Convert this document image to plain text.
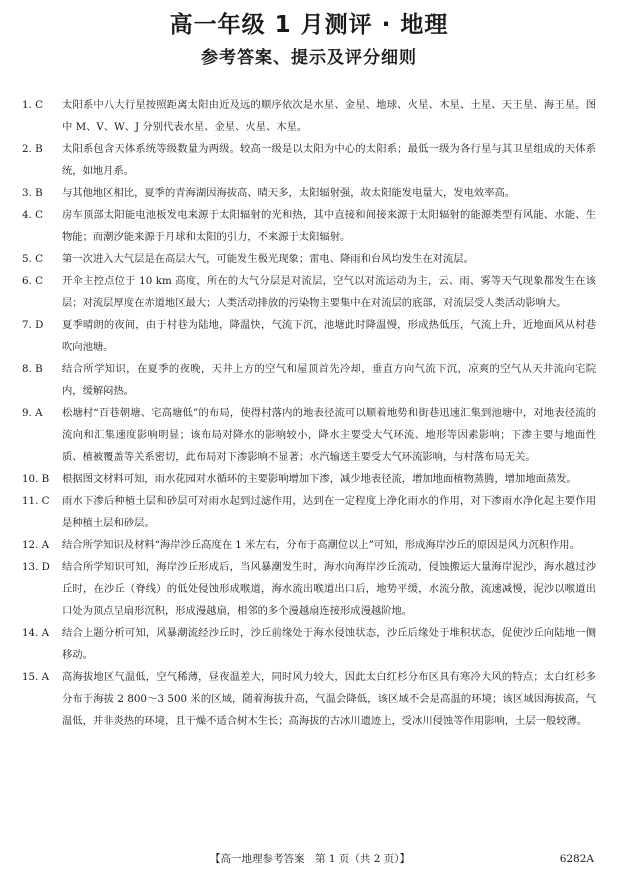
高一年级 1 月测评 · 地理
参考答案、提示及评分细则
1. C 太阳系中八大行星按照距离太阳由近及远的顺序依次是水星、金星、地球、火星、木星、土星、天王星、海王星。图中 M、V、W、J 分别代表水星、金星、火星、木星。
2. B 太阳系包含天体系统等级数量为两级。较高一级是以太阳为中心的太阳系；最低一级为各行星与其卫星组成的天体系统，如地月系。
3. B 与其他地区相比，夏季的青海湖因海拔高、晴天多，太阳辐射强，故太阳能发电量大，发电效率高。
4. C 房车顶部太阳能电池板发电来源于太阳辐射的光和热，其中直接和间接来源于太阳辐射的能源类型有风能、水能、生物能；而潮汐能来源于月球和太阳的引力，不来源于太阳辐射。
5. C 第一次进入大气层是在高层大气，可能发生极光现象；雷电、降雨和台风均发生在对流层。
6. C 开伞主控点位于 10 km 高度，所在的大气分层是对流层，空气以对流运动为主，云、雨、雾等天气现象都发生在该层；对流层厚度在赤道地区最大；人类活动排放的污染物主要集中在对流层的底部，对流层受人类活动影响大。
7. D 夏季晴朗的夜间，由于村巷为陆地，降温快，气流下沉，池塘此时降温慢，形成热低压，气流上升，近地面风从村巷吹向池塘。
8. B 结合所学知识，在夏季的夜晚，天井上方的空气和屋顶首先冷却，垂直方向气流下沉，凉爽的空气从天井流向宅院内，缓解闷热。
9. A 松塘村“百巷朝塘、宅高塘低”的布局，使得村落内的地表径流可以顺着地势和街巷迅速汇集到池塘中，对地表径流的流向和汇集速度影响明显；该布局对降水的影响较小，降水主要受大气环流、地形等因素影响；下渗主要与地面性质、植被覆盖等关系密切，此布局对下渗影响不显著；水汽输送主要受大气环流影响，与村落布局无关。
10. B 根据图文材料可知，雨水花园对水循环的主要影响增加下渗，减少地表径流，增加地面植物蒸腾，增加地面蒸发。
11. C 雨水下渗后种植土层和砂层可对雨水起到过滤作用，达到在一定程度上净化雨水的作用，对下渗雨水净化起主要作用是种植土层和砂层。
12. A 结合所学知识及材料“海岸沙丘高度在 1 米左右，分布于高潮位以上”可知，形成海岸沙丘的原因是风力沉积作用。
13. D 结合所学知识可知，海岸沙丘形成后，当风暴潮发生时，海水向海岸沙丘流动，侵蚀搬运大量海岸泥沙，海水越过沙丘时，在沙丘（脊线）的低处侵蚀形成喉道，海水流出喉道出口后，地势平缓，水流分散，流速减慢，泥沙以喉道出口处为顶点呈扇形沉积，形成漫越扇，相邻的多个漫越扇连接形成漫越阶地。
14. A 结合上题分析可知，风暴潮流经沙丘时，沙丘前缘处于海水侵蚀状态，沙丘后缘处于堆积状态，促使沙丘向陆地一侧移动。
15. A 高海拔地区气温低，空气稀薄，昼夜温差大，同时风力较大，因此太白红杉分布区具有寒冷大风的特点；太白红杉多分布于海拔 2 800～3 500 米的区域，随着海拔升高，气温会降低，该区域不会是高温的环境；该区域因海拔高，气温低，并非炎热的环境，且干燥不适合树木生长；高海拔的古冰川遗迹上，受冰川侵蚀等作用影响，土层一般较薄。
【高一地理参考答案　第 1 页（共 2 页）】	6282A
